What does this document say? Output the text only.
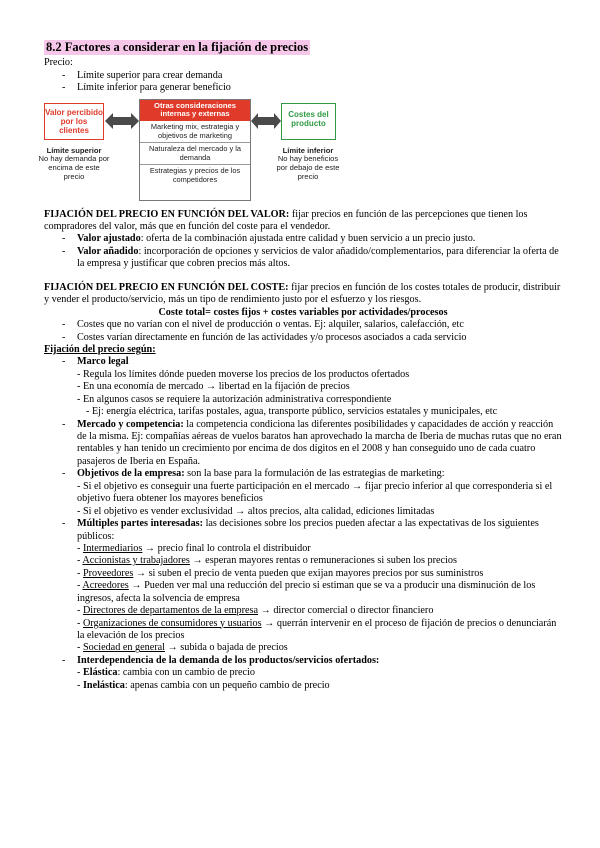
8.2 Factores a considerar en la fijación de precios
Precio:
- Límite superior para crear demanda
- Límite inferior para generar beneficio
Valor percibido por los clientes
Otras consideraciones internas y externas
Marketing mix, estrategia y objetivos de marketing
Naturaleza del mercado y la demanda
Estrategias y precios de los competidores
Costes del producto
Límite superior
No hay demanda por encima de este precio
Límite inferior
No hay beneficios por debajo de este precio
FIJACIÓN DEL PRECIO EN FUNCIÓN DEL VALOR: fijar precios en función de las percepciones que tienen los compradores del valor, más que en función del coste para el vendedor.
- Valor ajustado: oferta de la combinación ajustada entre calidad y buen servicio a un precio justo.
- Valor añadido: incorporación de opciones y servicios de valor añadido/complementarios, para diferenciar la oferta de la empresa y justificar que cobren precios más altos.
FIJACIÓN DEL PRECIO EN FUNCIÓN DEL COSTE: fijar precios en función de los costes totales de producir, distribuir y vender el producto/servicio, más un tipo de rendimiento justo por el esfuerzo y los riesgos.
Coste total= costes fijos + costes variables por actividades/procesos
- Costes que no varían con el nivel de producción o ventas. Ej: alquiler, salarios, calefacción, etc
- Costes varían directamente en función de las actividades y/o procesos asociados a cada servicio
Fijación del precio según:
- Marco legal
- Regula los límites dónde pueden moverse los precios de los productos ofertados
- En una economía de mercado → libertad en la fijación de precios
- En algunos casos se requiere la autorización administrativa correspondiente
- Ej: energía eléctrica, tarifas postales, agua, transporte público, servicios estatales y municipales, etc
- Mercado y competencia: la competencia condiciona las diferentes posibilidades y capacidades de acción y reacción de la misma. Ej: compañías aéreas de vuelos baratos han aprovechado la marcha de Iberia de muchas rutas que no eran rentables y han tenido un crecimiento por encima de dos dígitos en el 2008 y han conseguido uno de cada cuatro pasajeros de Iberia en España.
- Objetivos de la empresa: son la base para la formulación de las estrategias de marketing:
- Si el objetivo es conseguir una fuerte participación en el mercado → fijar precio inferior al que corresponderia si el objetivo fuera obtener los mayores beneficios
- Si el objetivo es vender exclusividad → altos precios, alta calidad, ediciones limitadas
- Múltiples partes interesadas: las decisiones sobre los precios pueden afectar a las expectativas de los siguientes públicos:
- Intermediarios → precio final lo controla el distribuidor
- Accionistas y trabajadores → esperan mayores rentas o remuneraciones si suben los precios
- Proveedores → si suben el precio de venta pueden que exijan mayores precios por sus suministros
- Acreedores → Pueden ver mal una reducción del precio si estiman que se va a producir una disminución de los ingresos, afecta la solvencia de empresa
- Directores de departamentos de la empresa → director comercial o director financiero
- Organizaciones de consumidores y usuarios → querrán intervenir en el proceso de fijación de precios o denunciarán la elevación de los precios
- Sociedad en general → subida o bajada de precios
- Interdependencia de la demanda de los productos/servicios ofertados:
- Elástica: cambia con un cambio de precio
- Inelástica: apenas cambia con un pequeño cambio de precio
